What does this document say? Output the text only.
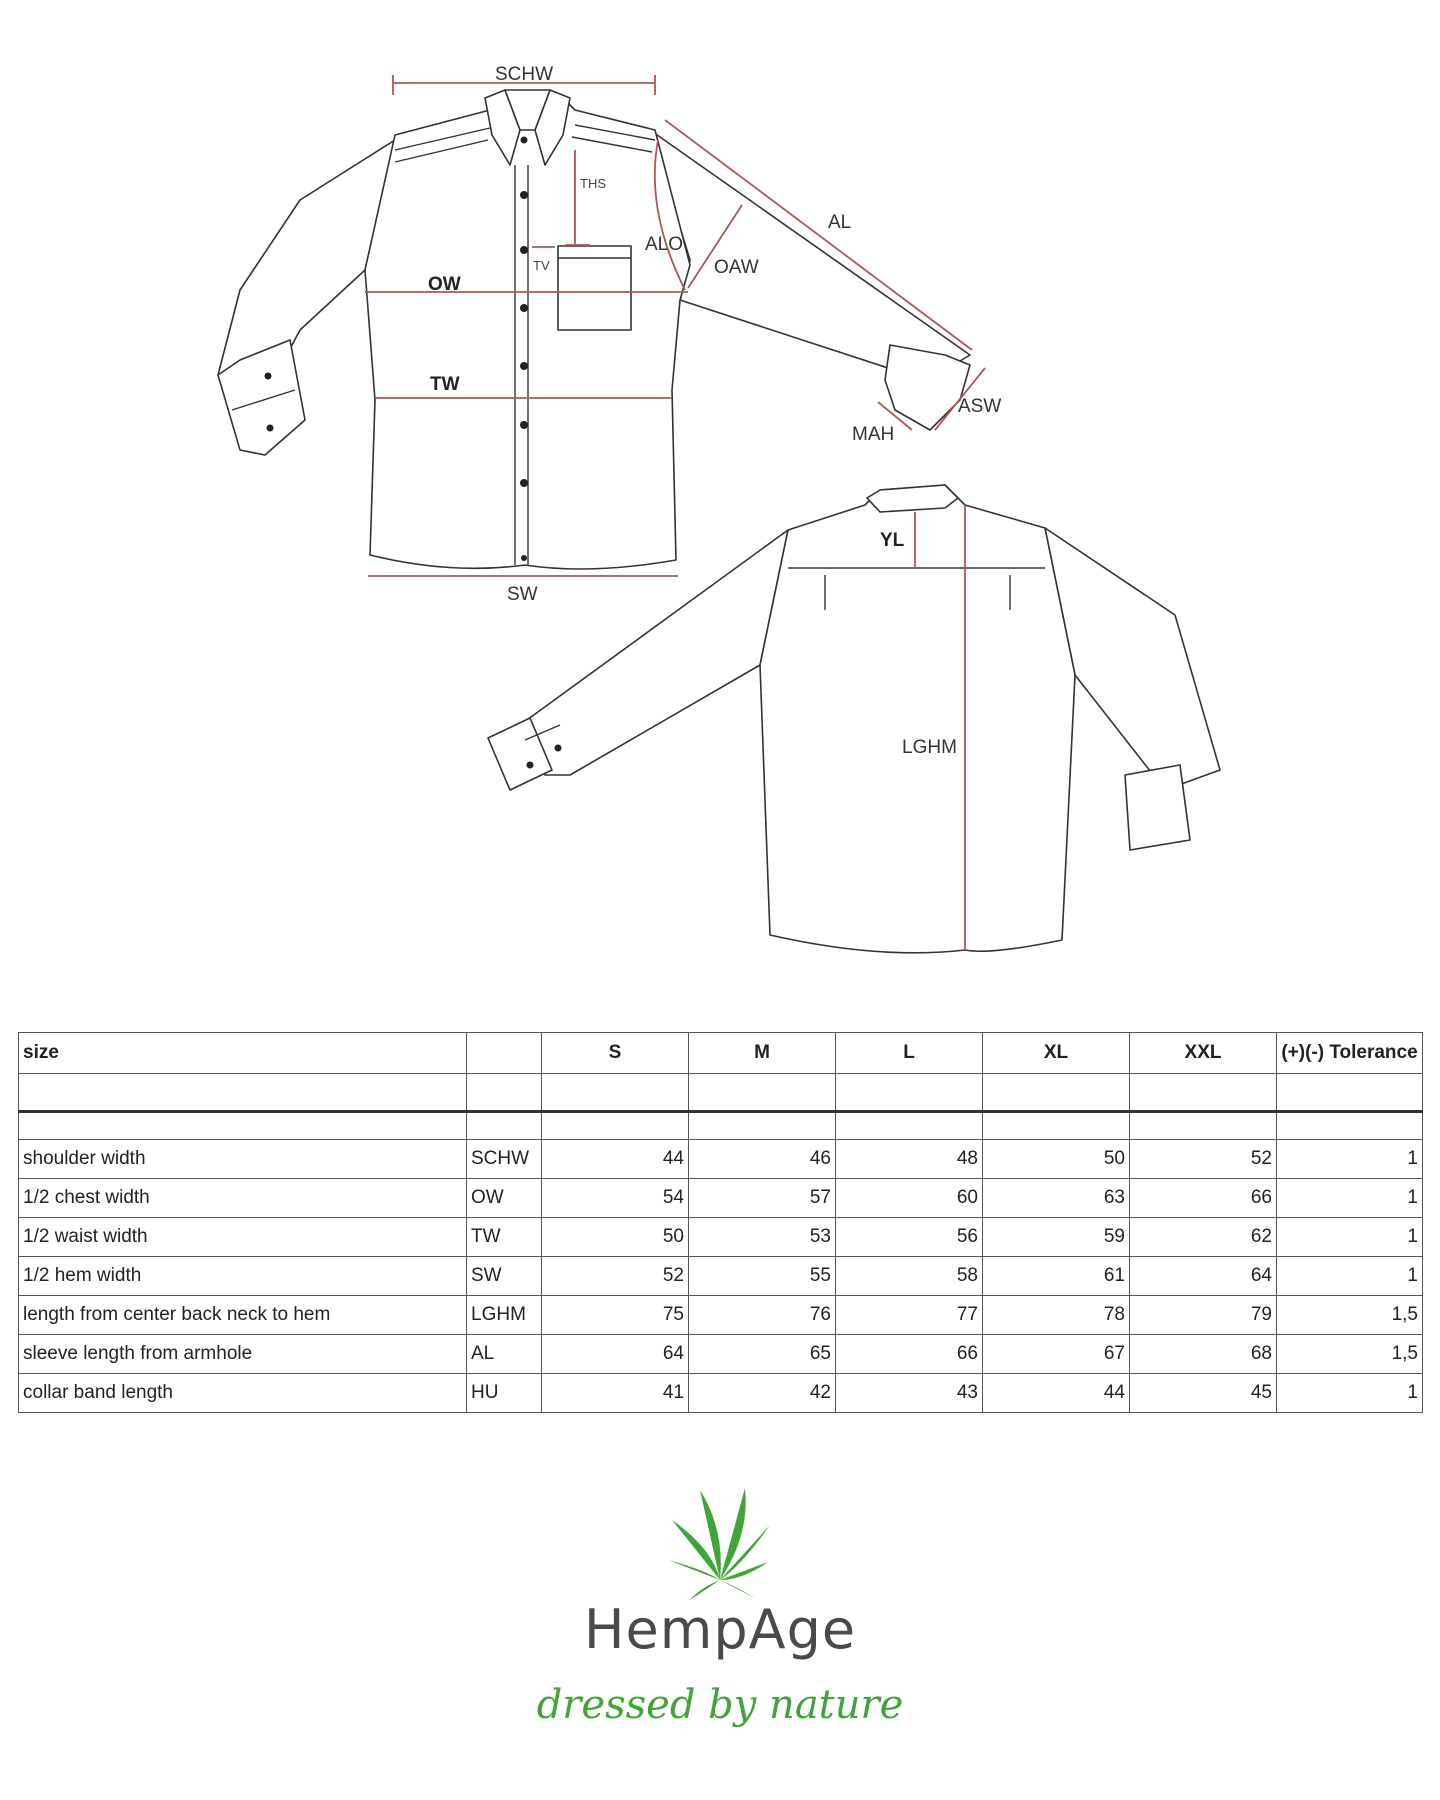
SCHW
THS
ALO
AL
TV	OAW
OW
TW
ASW
MAH
SW
YL
LGHM
size		S	M	L	XL	XXL	(+)(-) Tolerance

shoulder width	SCHW	44	46	48	50	52	1
1/2 chest width	OW	54	57	60	63	66	1
1/2 waist width	TW	50	53	56	59	62	1
1/2 hem width	SW	52	55	58	61	64	1
length from center back neck to hem	LGHM	75	76	77	78	79	1,5
sleeve length from armhole	AL	64	65	66	67	68	1,5
collar band length	HU	41	42	43	44	45	1
HempAge
dressed by nature
